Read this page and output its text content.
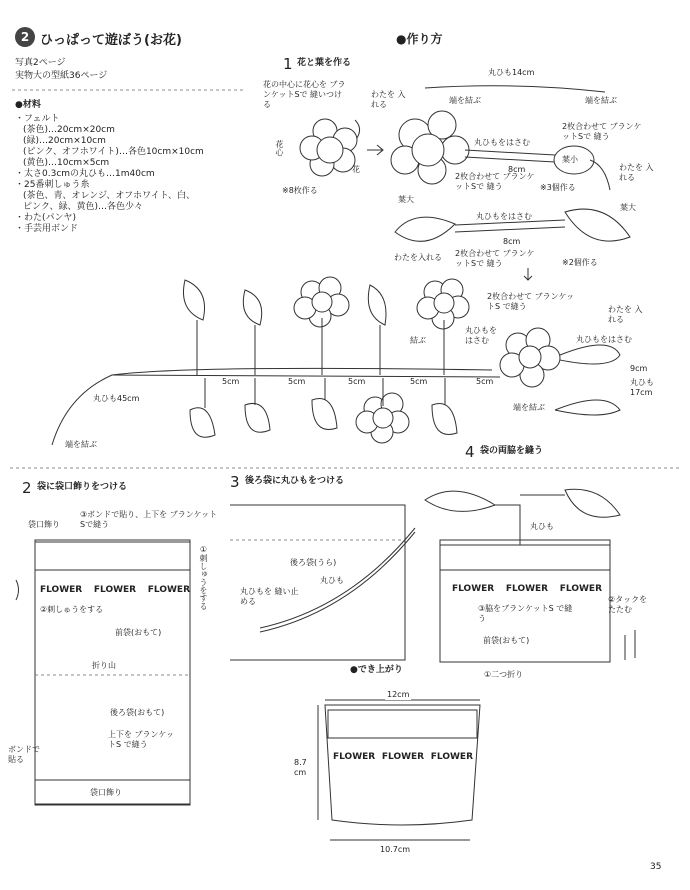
2 ひっぱって遊ぼう(お花)
写真2ページ
実物大の型紙36ページ
●材料
・フェルト
(茶色)…20cm×20cm
(緑)…20cm×10cm
(ピンク、オフホワイト)…各色10cm×10cm
(黄色)…10cm×5cm
・太さ0.3cmの丸ひも…1m40cm
・25番刺しゅう糸
(茶色、青、オレンジ、オフホワイト、白、
ピンク、緑、黄色)…各色少々
・わた(パンヤ)
・手芸用ボンド
●作り方
1 花と葉を作る
花の中心に花心を ブランケットSで 縫いつける
花心
花
※8枚作る
丸ひも14cm
端を結ぶ	端を結ぶ
わたを 入れる
丸ひもをはさむ
2枚合わせて ブランケットSで 縫う
葉小
わたを 入れる
8cm
2枚合わせて ブランケットSで 縫う	※3個作る
葉大
葉大
丸ひもをはさむ
8cm
わたを入れる 2枚合わせて ブランケットSで 縫う	※2個作る
2枚合わせて ブランケットS で縫う
丸ひもを はさむ
わたを 入れる
丸ひもをはさむ
結ぶ
5cm	5cm	5cm	5cm	5cm
9cm
丸ひも 17cm
端を結ぶ
丸ひも45cm
端を結ぶ
2 袋に袋口飾りをつける
袋口飾り
③ボンドで貼り、上下を ブランケットSで縫う
①刺しゅうをする
FLOWER FLOWER FLOWER
②刺しゅうをする
前袋(おもて)
折り山
後ろ袋(おもて)
ボンドで 貼る
上下を ブランケットS で縫う
袋口飾り
3 後ろ袋に丸ひもをつける
後ろ袋(うら)
丸ひも
丸ひもを 縫い止める
4 袋の両脇を縫う
丸ひも
FLOWER FLOWER FLOWER
③脇をブランケットS で縫う
②タックを たたむ
前袋(おもて)
①二つ折り
●でき上がり
12cm
8.7 cm
FLOWER FLOWER FLOWER
10.7cm
35
